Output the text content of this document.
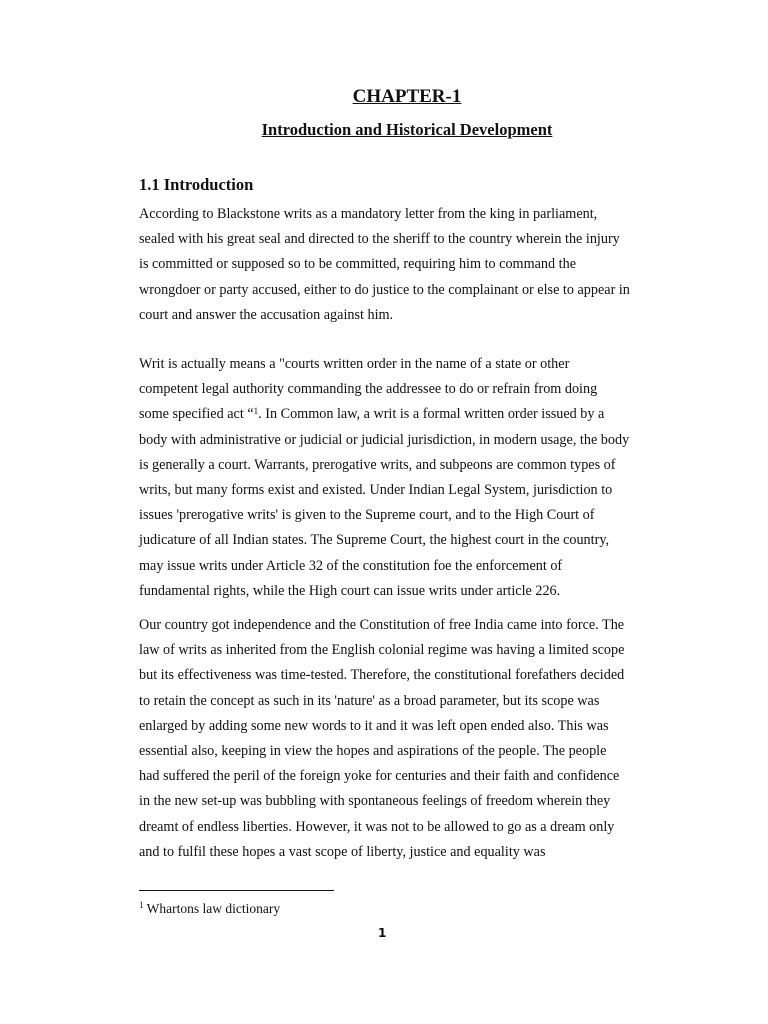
CHAPTER-1
Introduction and Historical Development
1.1 Introduction

According to Blackstone writs as a mandatory letter from the king in parliament,
sealed with his great seal and directed to the sheriff to the country wherein the injury
is committed or supposed so to be committed, requiring him to command the
wrongdoer or party accused, either to do justice to the complainant or else to appear in
court and answer the accusation against him.

Writ is actually means a "courts written order in the name of a state or other
competent legal authority commanding the addressee to do or refrain from doing
some specified act “$^1$. In Common law, a writ is a formal written order issued by a
body with administrative or judicial or judicial jurisdiction, in modern usage, the body
is generally a court. Warrants, prerogative writs, and subpeons are common types of
writs, but many forms exist and existed. Under Indian Legal System, jurisdiction to
issues 'prerogative writs' is given to the Supreme court, and to the High Court of
judicature of all Indian states. The Supreme Court, the highest court in the country,
may issue writs under Article 32 of the constitution foe the enforcement of
fundamental rights, while the High court can issue writs under article 226.

Our country got independence and the Constitution of free India came into force. The
law of writs as inherited from the English colonial regime was having a limited scope
but its effectiveness was time-tested. Therefore, the constitutional forefathers decided
to retain the concept as such in its 'nature' as a broad parameter, but its scope was
enlarged by adding some new words to it and it was left open ended also. This was
essential also, keeping in view the hopes and aspirations of the people. The people
had suffered the peril of the foreign yoke for centuries and their faith and confidence
in the new set-up was bubbling with spontaneous feelings of freedom wherein they
dreamt of endless liberties. However, it was not to be allowed to go as a dream only
and to fulfil these hopes a vast scope of liberty, justice and equality was

$^1$ Whartons law dictionary

1
